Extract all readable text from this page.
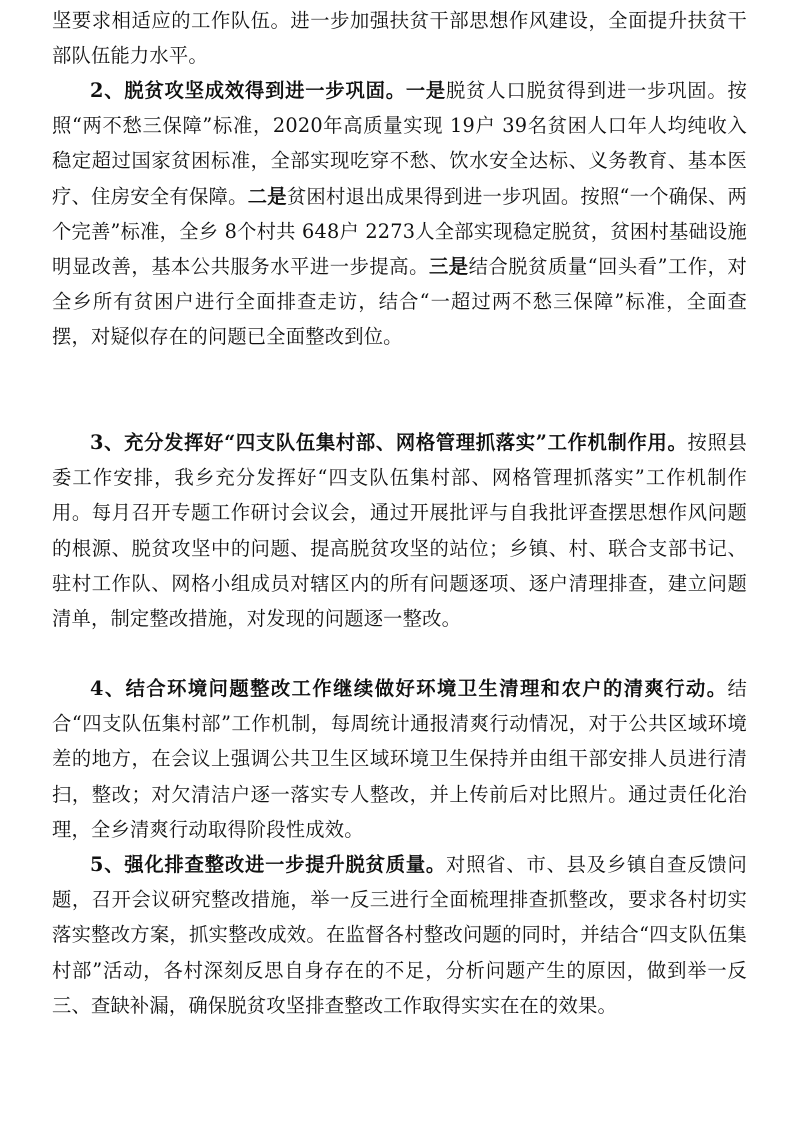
坚要求相适应的工作队伍。进一步加强扶贫干部思想作风建设，全面提升扶贫干部队伍能力水平。

2、脱贫攻坚成效得到进一步巩固。一是脱贫人口脱贫得到进一步巩固。按照“两不愁三保障”标准，2020年高质量实现 19户 39名贫困人口年人均纯收入稳定超过国家贫困标准，全部实现吃穿不愁、饮水安全达标、义务教育、基本医疗、住房安全有保障。二是贫困村退出成果得到进一步巩固。按照“一个确保、两个完善”标准，全乡 8个村共 648户 2273人全部实现稳定脱贫，贫困村基础设施明显改善，基本公共服务水平进一步提高。三是结合脱贫质量“回头看”工作，对全乡所有贫困户进行全面排查走访，结合“一超过两不愁三保障”标准，全面查摆，对疑似存在的问题已全面整改到位。

3、充分发挥好“四支队伍集村部、网格管理抓落实”工作机制作用。按照县委工作安排，我乡充分发挥好“四支队伍集村部、网格管理抓落实”工作机制作用。每月召开专题工作研讨会议会，通过开展批评与自我批评查摆思想作风问题的根源、脱贫攻坚中的问题、提高脱贫攻坚的站位；乡镇、村、联合支部书记、驻村工作队、网格小组成员对辖区内的所有问题逐项、逐户清理排查，建立问题清单，制定整改措施，对发现的问题逐一整改。

4、结合环境问题整改工作继续做好环境卫生清理和农户的清爽行动。结合“四支队伍集村部”工作机制，每周统计通报清爽行动情况，对于公共区域环境差的地方，在会议上强调公共卫生区域环境卫生保持并由组干部安排人员进行清扫，整改；对欠清洁户逐一落实专人整改，并上传前后对比照片。通过责任化治理，全乡清爽行动取得阶段性成效。

5、强化排查整改进一步提升脱贫质量。对照省、市、县及乡镇自查反馈问题，召开会议研究整改措施，举一反三进行全面梳理排查抓整改，要求各村切实落实整改方案，抓实整改成效。在监督各村整改问题的同时，并结合“四支队伍集村部”活动，各村深刻反思自身存在的不足，分析问题产生的原因，做到举一反三、查缺补漏，确保脱贫攻坚排查整改工作取得实实在在的效果。
